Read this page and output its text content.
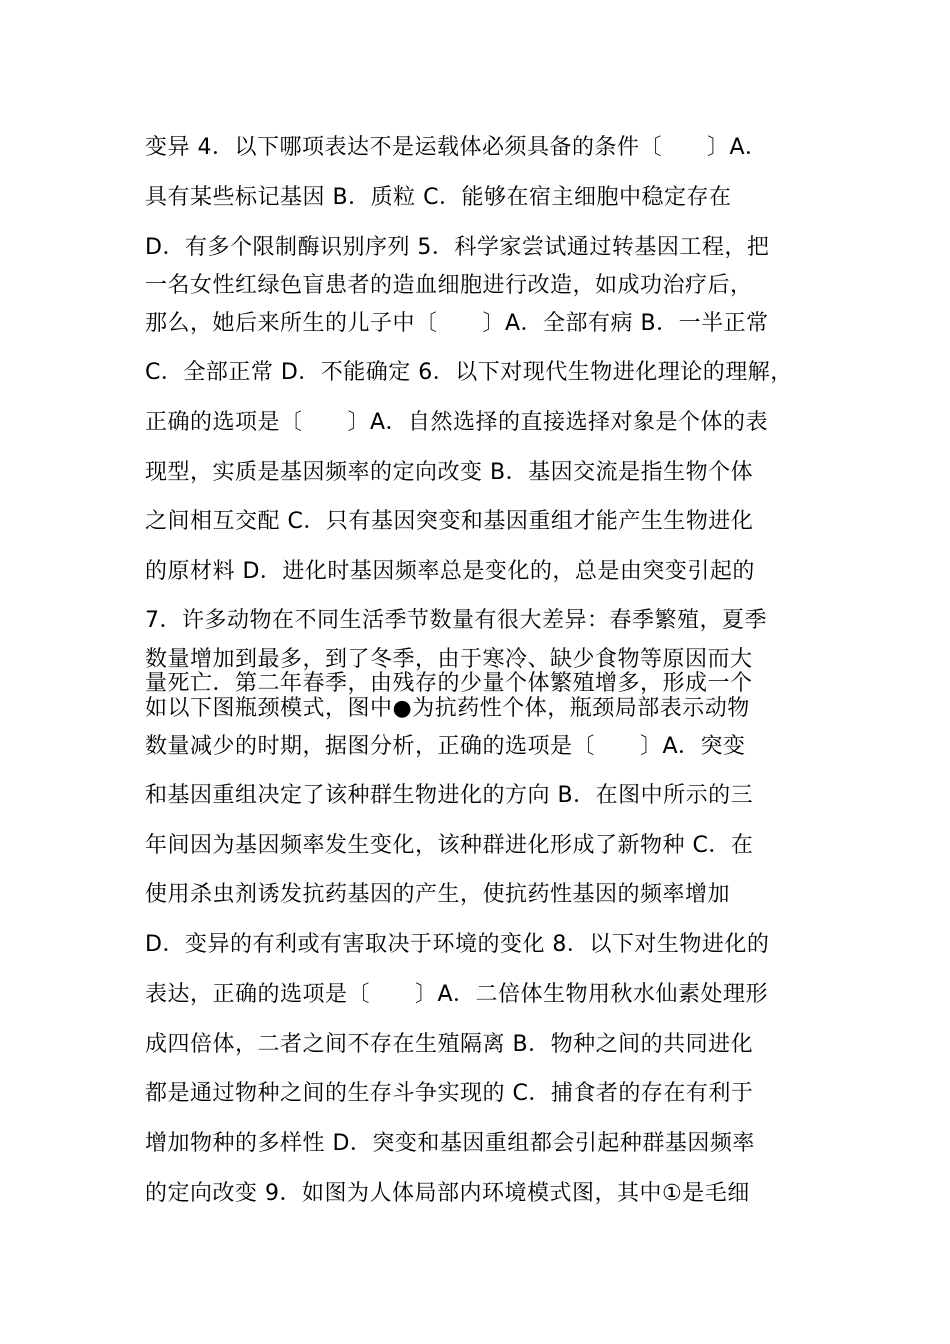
变异 4．以下哪项表达不是运载体必须具备的条件〔　　〕A．
具有某些标记基因 B．质粒 C．能够在宿主细胞中稳定存在
D．有多个限制酶识别序列 5．科学家尝试通过转基因工程，把
一名女性红绿色盲患者的造血细胞进行改造，如成功治疗后，
那么，她后来所生的儿子中〔　　〕A．全部有病 B．一半正常
C．全部正常 D．不能确定 6．以下对现代生物进化理论的理解，
正确的选项是〔　　〕A．自然选择的直接选择对象是个体的表
现型，实质是基因频率的定向改变 B．基因交流是指生物个体
之间相互交配 C．只有基因突变和基因重组才能产生生物进化
的原材料 D．进化时基因频率总是变化的，总是由突变引起的
7．许多动物在不同生活季节数量有很大差异：春季繁殖，夏季
数量增加到最多，到了冬季，由于寒冷、缺少食物等原因而大
量死亡．第二年春季，由残存的少量个体繁殖增多，形成一个
如以下图瓶颈模式，图中●为抗药性个体，瓶颈局部表示动物
数量减少的时期，据图分析，正确的选项是〔　　〕A．突变
和基因重组决定了该种群生物进化的方向 B．在图中所示的三
年间因为基因频率发生变化，该种群进化形成了新物种 C．在
使用杀虫剂诱发抗药基因的产生，使抗药性基因的频率增加
D．变异的有利或有害取决于环境的变化 8．以下对生物进化的
表达，正确的选项是〔　　〕A．二倍体生物用秋水仙素处理形
成四倍体，二者之间不存在生殖隔离 B．物种之间的共同进化
都是通过物种之间的生存斗争实现的 C．捕食者的存在有利于
增加物种的多样性 D．突变和基因重组都会引起种群基因频率
的定向改变 9．如图为人体局部内环境模式图，其中①是毛细
